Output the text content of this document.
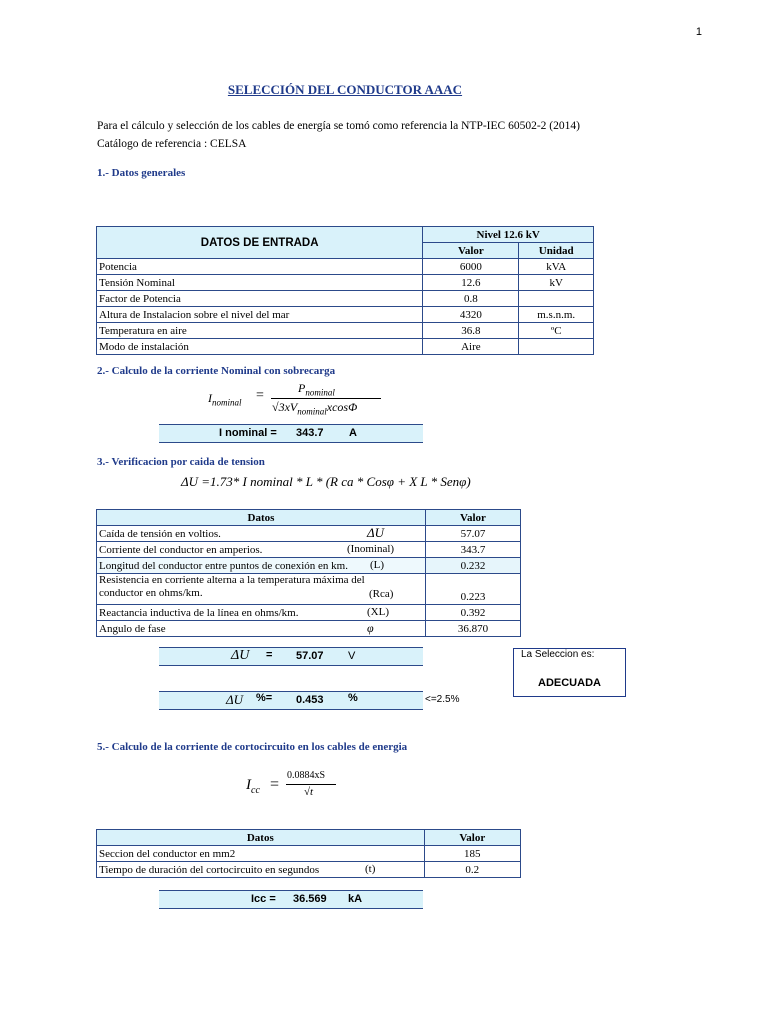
1
SELECCIÓN DEL CONDUCTOR AAAC
Para el cálculo y selección de los cables de energía se tomó como referencia la NTP-IEC 60502-2 (2014)
Catálogo de referencia : CELSA
1.- Datos generales
DATOS DE ENTRADA	Nivel 12.6 kV	
	Valor	Unidad
Potencia	6000	kVA
Tensión Nominal	12.6	kV
Factor de Potencia	0.8	
Altura de Instalacion sobre el nivel del mar	4320	m.s.n.m.
Temperatura en aire	36.8	ºC
Modo de instalación	Aire	
2.- Calculo de la corriente Nominal con sobrecarga
$I_{nominal}$ =	$P_{nominal}$
$√3xV_{nominal}xcos\Phi$
I nominal = 343.7 A
3.- Verificacion por caida de tension
ΔU =1.73* I nominal * L * (R ca * Cosφ + X L * Senφ)
Datos	Valor
Caída de tensión en voltios. ΔU	57.07
Corriente del conductor en amperios. (Inominal)	343.7
Longitud del conductor entre puntos de conexión en km. (L)	0.232

Resistencia en corriente alterna a la temperatura máxima del conductor en ohms/km. (Rca)	0.223
Reactancia inductiva de la línea en ohms/km. (XL)	0.392
Angulo de fase φ	36.870
ΔU = 57.07 V
ΔU %= 0.453 %	<=2.5%
La Seleccion es:
ADECUADA
5.- Calculo de la corriente de cortocircuito en los cables de energia
$I_{cc}$ =
0.0884xS
√t
Datos	Valor
Seccion del conductor en mm2	185
Tiempo de duración del cortocircuito en segundos (t)	0.2
Icc = 36.569 kA
